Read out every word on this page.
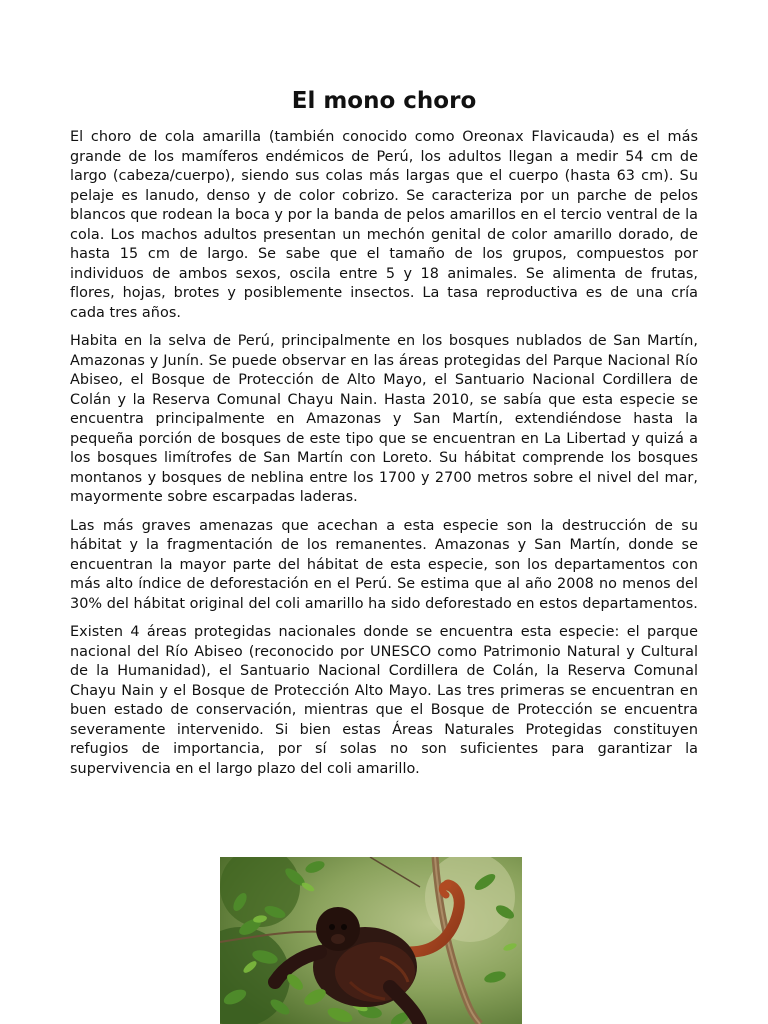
El mono choro

El choro de cola amarilla (también conocido como Oreonax Flavicauda) es el más grande de los mamíferos endémicos de Perú, los adultos llegan a medir 54 cm de largo (cabeza/cuerpo), siendo sus colas más largas que el cuerpo (hasta 63 cm). Su pelaje es lanudo, denso y de color cobrizo. Se caracteriza por un parche de pelos blancos que rodean la boca y por la banda de pelos amarillos en el tercio ventral de la cola. Los machos adultos presentan un mechón genital de color amarillo dorado, de hasta 15 cm de largo. Se sabe que el tamaño de los grupos, compuestos por individuos de ambos sexos, oscila entre 5 y 18 animales. Se alimenta de frutas, flores, hojas, brotes y posiblemente insectos. La tasa reproductiva es de una cría cada tres años.

Habita en la selva de Perú, principalmente en los bosques nublados de San Martín, Amazonas y Junín. Se puede observar en las áreas protegidas del Parque Nacional Río Abiseo, el Bosque de Protección de Alto Mayo, el Santuario Nacional Cordillera de Colán y la Reserva Comunal Chayu Nain. Hasta 2010, se sabía que esta especie se encuentra principalmente en Amazonas y San Martín, extendiéndose hasta la pequeña porción de bosques de este tipo que se encuentran en La Libertad y quizá a los bosques limítrofes de San Martín con Loreto. Su hábitat comprende los bosques montanos y bosques de neblina entre los 1700 y 2700 metros sobre el nivel del mar, mayormente sobre escarpadas laderas.

Las más graves amenazas que acechan a esta especie son la destrucción de su hábitat y la fragmentación de los remanentes. Amazonas y San Martín, donde se encuentran la mayor parte del hábitat de esta especie, son los departamentos con más alto índice de deforestación en el Perú. Se estima que al año 2008 no menos del 30% del hábitat original del coli amarillo ha sido deforestado en estos departamentos.

Existen 4 áreas protegidas nacionales donde se encuentra esta especie: el parque nacional del Río Abiseo (reconocido por UNESCO como Patrimonio Natural y Cultural de la Humanidad), el Santuario Nacional Cordillera de Colán, la Reserva Comunal Chayu Nain y el Bosque de Protección Alto Mayo. Las tres primeras se encuentran en buen estado de conservación, mientras que el Bosque de Protección se encuentra severamente intervenido. Si bien estas Áreas Naturales Protegidas constituyen refugios de importancia, por sí solas no son suficientes para garantizar la supervivencia en el largo plazo del coli amarillo.
